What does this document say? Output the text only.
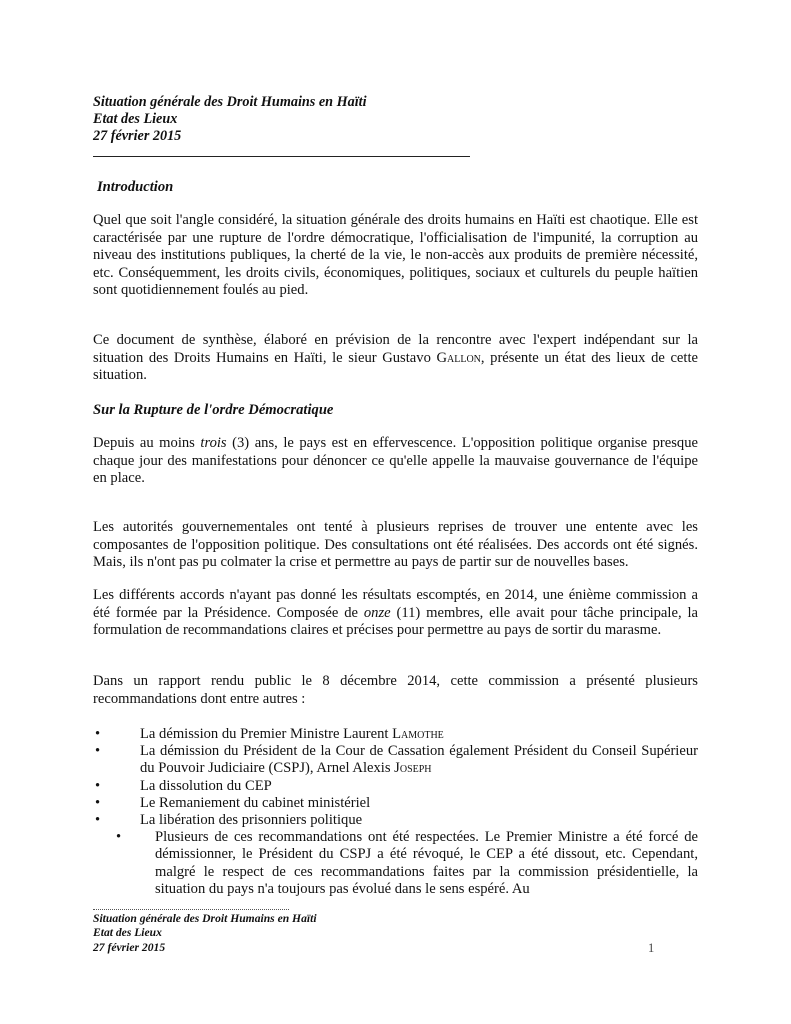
Situation générale des Droit Humains en Haïti
Etat des Lieux
27 février 2015
Introduction
Quel que soit l'angle considéré, la situation générale des droits humains en Haïti est chaotique. Elle est caractérisée par une rupture de l'ordre démocratique, l'officialisation de l'impunité, la corruption au niveau des institutions publiques, la cherté de la vie, le non-accès aux produits de première nécessité, etc. Conséquemment, les droits civils, économiques, politiques, sociaux et culturels du peuple haïtien sont quotidiennement foulés au pied.
Ce document de synthèse, élaboré en prévision de la rencontre avec l'expert indépendant sur la situation des Droits Humains en Haïti, le sieur Gustavo Gallon, présente un état des lieux de cette situation.
Sur la Rupture de l'ordre Démocratique
Depuis au moins trois (3) ans, le pays est en effervescence. L'opposition politique organise presque chaque jour des manifestations pour dénoncer ce qu'elle appelle la mauvaise gouvernance de l'équipe en place.
Les autorités gouvernementales ont tenté à plusieurs reprises de trouver une entente avec les composantes de l'opposition politique. Des consultations ont été réalisées. Des accords ont été signés. Mais, ils n'ont pas pu colmater la crise et permettre au pays de partir sur de nouvelles bases.
Les différents accords n'ayant pas donné les résultats escomptés, en 2014, une énième commission a été formée par la Présidence. Composée de onze (11) membres, elle avait pour tâche principale, la formulation de recommandations claires et précises pour permettre au pays de sortir du marasme.
Dans un rapport rendu public le 8 décembre 2014, cette commission a présenté plusieurs recommandations dont entre autres :
• La démission du Premier Ministre Laurent Lamothe
• La démission du Président de la Cour de Cassation également Président du Conseil Supérieur du Pouvoir Judiciaire (CSPJ), Arnel Alexis Joseph
• La dissolution du CEP
• Le Remaniement du cabinet ministériel
• La libération des prisonniers politique
• Plusieurs de ces recommandations ont été respectées. Le Premier Ministre a été forcé de démissionner, le Président du CSPJ a été révoqué, le CEP a été dissout, etc. Cependant, malgré le respect de ces recommandations faites par la commission présidentielle, la situation du pays n'a toujours pas évolué dans le sens espéré. Au
Situation générale des Droit Humains en Haïti
Etat des Lieux
27 février 2015	1
